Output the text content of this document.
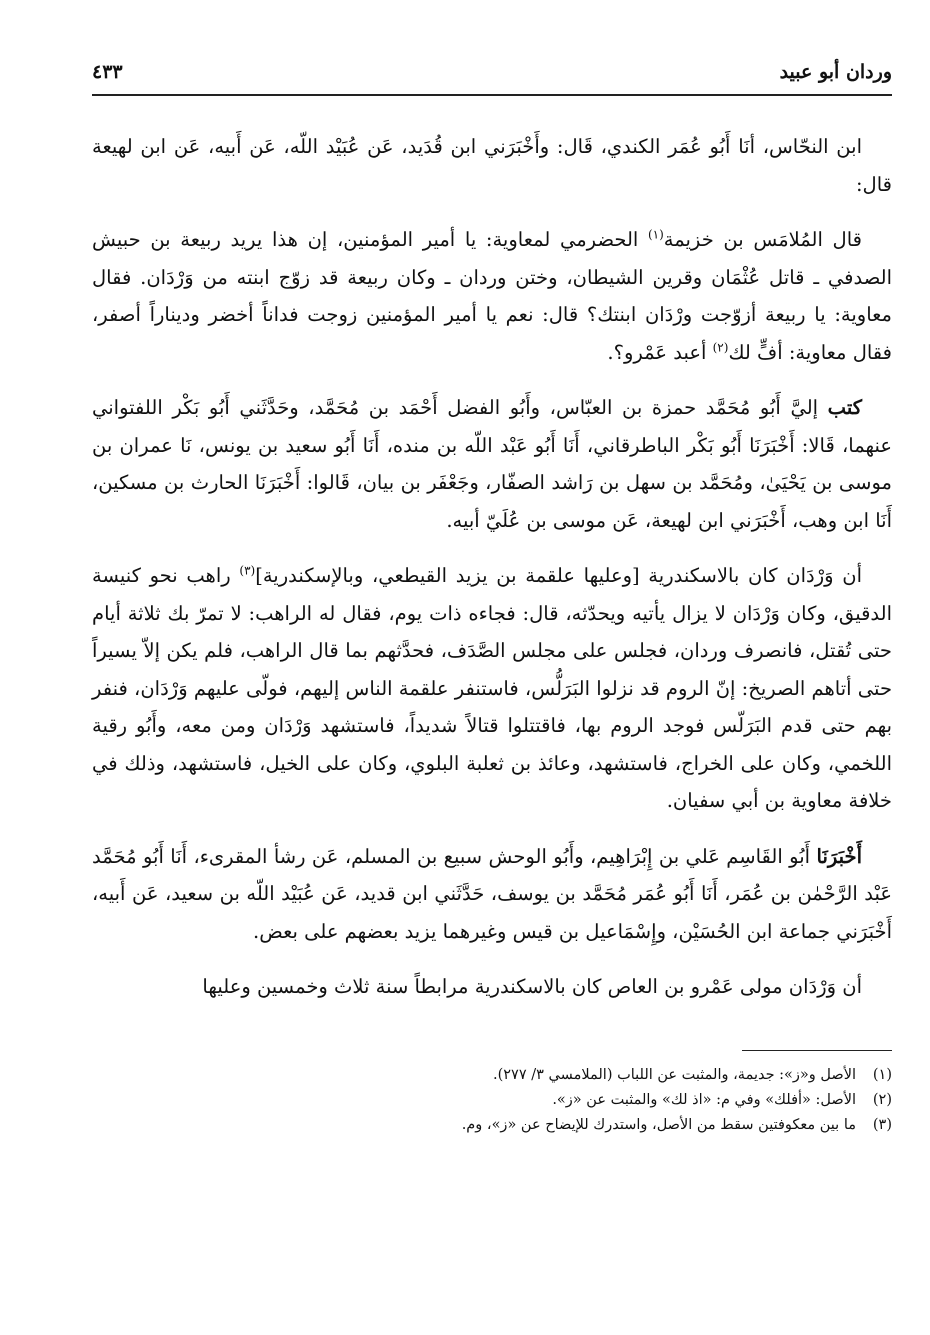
وردان أبو عبيد
٤٣٣

ابن النحّاس، أنَا أَبُو عُمَر الكندي، قَال: وأَخْبَرَني ابن قُدَيد، عَن عُبَيْد اللّه، عَن أَبيه، عَن ابن لهيعة قال:

قال المُلامَس بن خزيمة$^{(١)}$ الحضرمي لمعاوية: يا أمير المؤمنين، إن هذا يريد ربيعة بن حبيش الصدفي ـ قاتل عُثْمَان وقرين الشيطان، وختن وردان ـ وكان ربيعة قد زوّج ابنته من وَرْدَان. فقال معاوية: يا ربيعة أزوّجت ورْدَان ابنتك؟ قال: نعم يا أمير المؤمنين زوجت فداناً أخضر وديناراً أصفر، فقال معاوية: أفٍّ لك$^{(٢)}$ أعبد عَمْرو؟.

كتب إليَّ أَبُو مُحَمَّد حمزة بن العبّاس، وأَبُو الفضل أَحْمَد بن مُحَمَّد، وحَدَّثَني أَبُو بَكْر اللفتواني عنهما، قَالا: أَخْبَرَنَا أَبُو بَكْر الباطرقاني، أَنَا أَبُو عَبْد اللّه بن منده، أَنَا أَبُو سعيد بن يونس، نَا عمران بن موسى بن يَحْيَىٰ، ومُحَمَّد بن سهل بن رَاشد الصفّار، وجَعْفَر بن بيان، قَالوا: أَخْبَرَنَا الحارث بن مسكين، أَنَا ابن وهب، أَخْبَرَني ابن لهيعة، عَن موسى بن عُلَيّ أبيه.

أن وَرْدَان كان بالاسكندرية [وعليها علقمة بن يزيد القيطعي، وبالإسكندرية]$^{(٣)}$ راهب نحو كنيسة الدقيق، وكان وَرْدَان لا يزال يأتيه ويحدّثه، قال: فجاءه ذات يوم، فقال له الراهب: لا تمرّ بك ثلاثة أيام حتى تُقتل، فانصرف وردان، فجلس على مجلس الصَّدَف، فحدَّثهم بما قال الراهب، فلم يكن إلاّ يسيراً حتى أتاهم الصريخ: إنّ الروم قد نزلوا البَرَلُّس، فاستنفر علقمة الناس إليهم، فولّى عليهم وَرْدَان، فنفر بهم حتى قدم البَرَلّس فوجد الروم بها، فاقتتلوا قتالاً شديداً، فاستشهد وَرْدَان ومن معه، وأَبُو رقية اللخمي، وكان على الخراج، فاستشهد، وعائذ بن ثعلبة البلوي، وكان على الخيل، فاستشهد، وذلك في خلافة معاوية بن أبي سفيان.

أَخْبَرَنَا أَبُو القَاسِم عَلي بن إِبْرَاهِيم، وأَبُو الوحش سبيع بن المسلم، عَن رشأ المقرىء، أَنَا أَبُو مُحَمَّد عَبْد الرَّحْمٰن بن عُمَر، أَنَا أَبُو عُمَر مُحَمَّد بن يوسف، حَدَّثَني ابن قديد، عَن عُبَيْد اللّه بن سعيد، عَن أَبيه، أَخْبَرَني جماعة ابن الحُسَيْن، وإِسْمَاعيل بن قيس وغيرهما يزيد بعضهم على بعض.

أن وَرْدَان مولى عَمْرو بن العاص كان بالاسكندرية مرابطاً سنة ثلاث وخمسين وعليها

(١)
الأصل و«ز»: جديمة، والمثبت عن اللباب (الملامسي ٣/ ٢٧٧).
(٢)
الأصل: «أفلك» وفي م: «اذ لك» والمثبت عن «ز».
(٣)
ما بين معكوفتين سقط من الأصل، واستدرك للإيضاح عن «ز»، وم.
